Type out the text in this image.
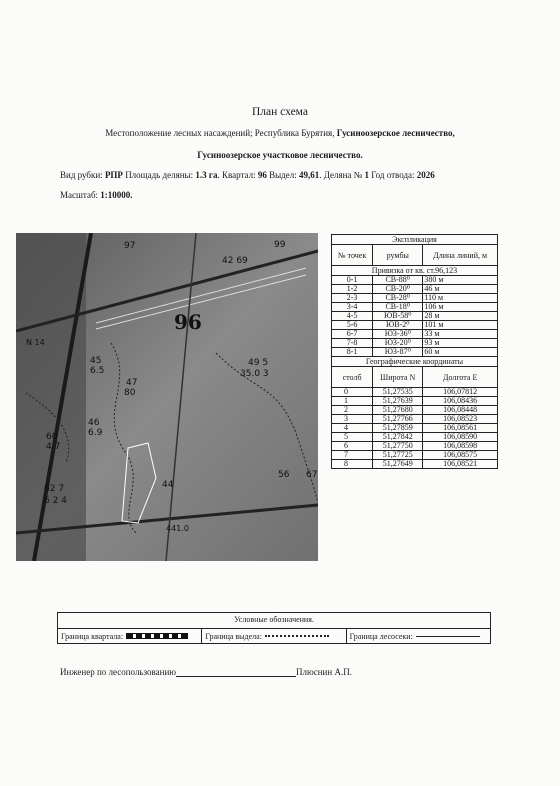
План схема
Местоположение лесных насаждений; Республика Бурятия, Гусиноозерское лесничество,
Гусиноозерское участковое лесничество.
Вид рубки: РПР Площадь деляны: 1.3 га. Квартал: 96 Выдел: 49,61. Деляна № 1 Год отвода: 2026
Масштаб: 1:10000.
97	99
42 69
N 14
96
45
6.5
47
80
46
6.9
60
4.7
62 7
6 2 4
49 5
35.0 3
67
56
44
441.0
Экспликация		
№ точек	румбы	Длина линий, м
Привязка от кв. ст.96,123		
0-1	СВ-88⁰	380 м
1-2	СВ-20⁰	46 м
2-3	СВ-28⁰	110 м
3-4	СВ-18⁰	106 м
4-5	ЮВ-58⁰	28 м
5-6	ЮВ-2⁰	101 м
6-7	ЮЗ-36⁰	33 м
7-8	ЮЗ-20⁰	93 м
8-1	ЮЗ-87⁰	60 м
Географические координаты		
столб	Широта N	Долгота E
0	51,27535	106,07812
1	51,27639	106,08436
2	51,27680	106,08448
3	51,27766	106,08523
4	51,27859	106,08561
5	51,27842	106,08590
6	51,27750	106,08598
7	51,27725	106,08575
8	51,27649	106,08521
Условные обозначения.
Граница квартала:	Граница выдела:	Граница лесосеки:
Инженер по лесопользованию	Плюснин А.П.
